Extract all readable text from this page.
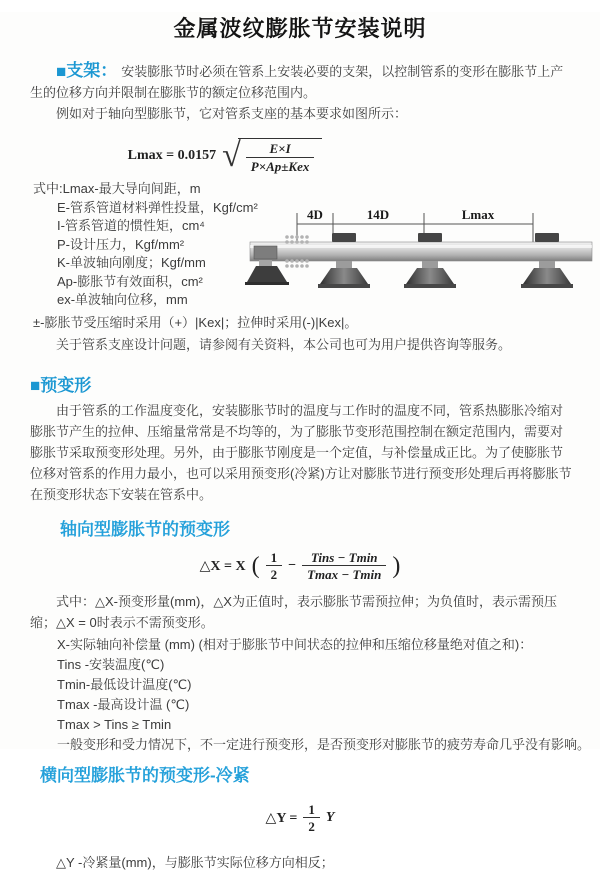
金属波纹膨胀节安装说明

■支架： 安装膨胀节时必须在管系上安装必要的支架，以控制管系的变形在膨胀节上产生的位移方向并限制在膨胀节的额定位移范围内。

例如对于轴向型膨胀节，它对管系支座的基本要求如图所示：

Lmax = 0.0157 √ $\frac{E\times I}{\text{P×Ap±Kex}}$
式中:Lmax-最大导向间距，m
E-管系管道材料弹性投量，Kgf/cm²
I-管系管道的惯性矩，cm⁴
P-设计压力，Kgf/mm²
K-单波轴向刚度；Kgf/mm
Ap-膨胀节有效面积，cm²
ex-单波轴向位移，mm
±-膨胀节受压缩时采用（+）|Kex|；拉伸时采用(-)|Kex|。

关于管系支座设计问题，请参阅有关资料，本公司也可为用户提供咨询等服务。

4D	14D	Lmax
■预变形

由于管系的工作温度变化，安装膨胀节时的温度与工作时的温度不同，管系热膨胀冷缩对膨胀节产生的拉伸、压缩量常常是不均等的，为了膨胀节变形范围控制在额定范围内，需要对膨胀节采取预变形处理。另外，由于膨胀节刚度是一个定值，与补偿量成正比。为了使膨胀节位移对管系的作用力最小，也可以采用预变形(冷紧)方让对膨胀节进行预变形处理后再将膨胀节在预变形状态下安装在管系中。

轴向型膨胀节的预变形
△X = X ( $\frac{1}{2} - \frac{\text{Tins − Tmin}}{Tmax - Tmin}$ )

式中：△X-预变形量(mm)，△X为正值时，表示膨胀节需预拉伸；为负值时，表示需预压缩；△X = 0时表示不需预变形。

X-实际轴向补偿量 (mm) (相对于膨胀节中间状态的拉伸和压缩位移量绝对值之和)：
Tins -安装温度(℃)
Tmin-最低设计温度(℃)
Tmax -最高设计温 (℃)
Tmax > Tins ≥ Tmin
一般变形和受力情况下，不一定进行预变形，是否预变形对膨胀节的疲劳寿命几乎没有影响。
横向型膨胀节的预变形-冷紧
△Y = $\frac{1}{2}$ Y

△Y -冷紧量(mm)，与膨胀节实际位移方向相反；
